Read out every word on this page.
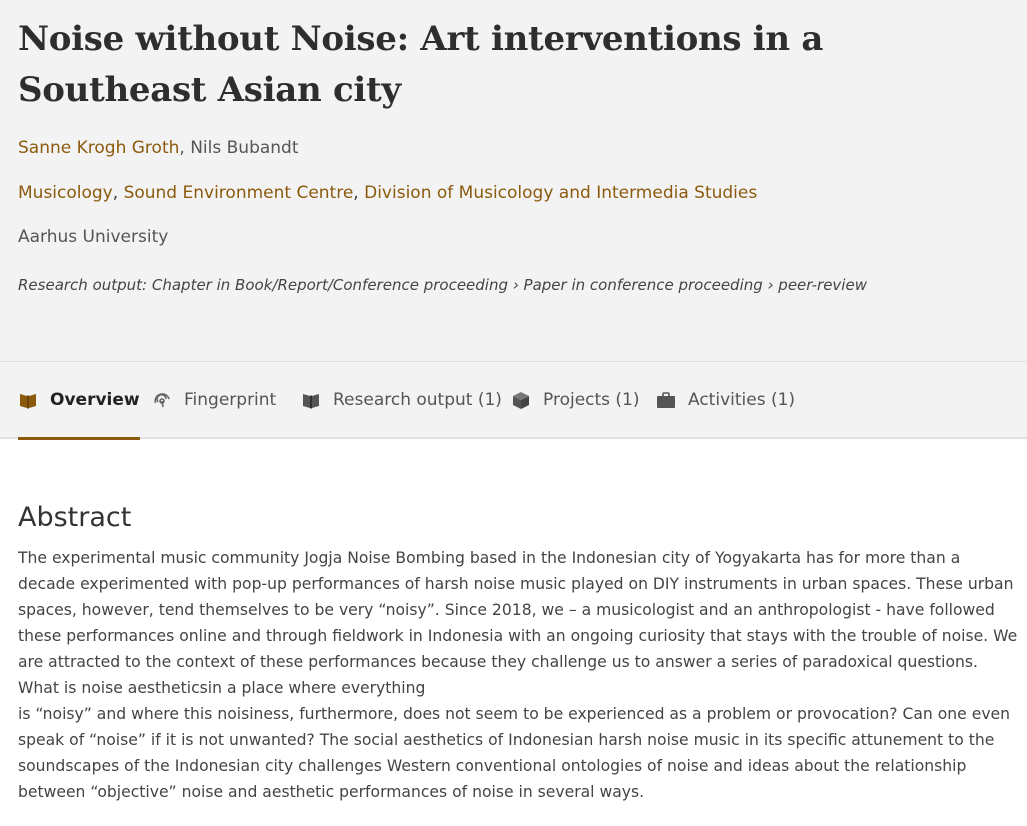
Noise without Noise: Art interventions in a Southeast Asian city
Sanne Krogh Groth, Nils Bubandt
Musicology, Sound Environment Centre, Division of Musicology and Intermedia Studies
Aarhus University
Research output: Chapter in Book/Report/Conference proceeding › Paper in conference proceeding › peer-review
Overview	Fingerprint	Research output (1) Projects (1)	Activities (1)
Abstract

The experimental music community Jogja Noise Bombing based in the Indonesian city of Yogyakarta has for more than a decade experimented with pop-up performances of harsh noise music played on DIY instruments in urban spaces. These urban spaces, however, tend themselves to be very “noisy”. Since 2018, we – a musicologist and an anthropologist - have followed these performances online and through fieldwork in Indonesia with an ongoing curiosity that stays with the trouble of noise. We are attracted to the context of these performances because they challenge us to answer a series of paradoxical questions. What is noise aestheticsin a place where everything

is “noisy” and where this noisiness, furthermore, does not seem to be experienced as a problem or provocation? Can one even speak of “noise” if it is not unwanted? The social aesthetics of Indonesian harsh noise music in its specific attunement to the soundscapes of the Indonesian city challenges Western conventional ontologies of noise and ideas about the relationship between “objective” noise and aesthetic performances of noise in several ways.
